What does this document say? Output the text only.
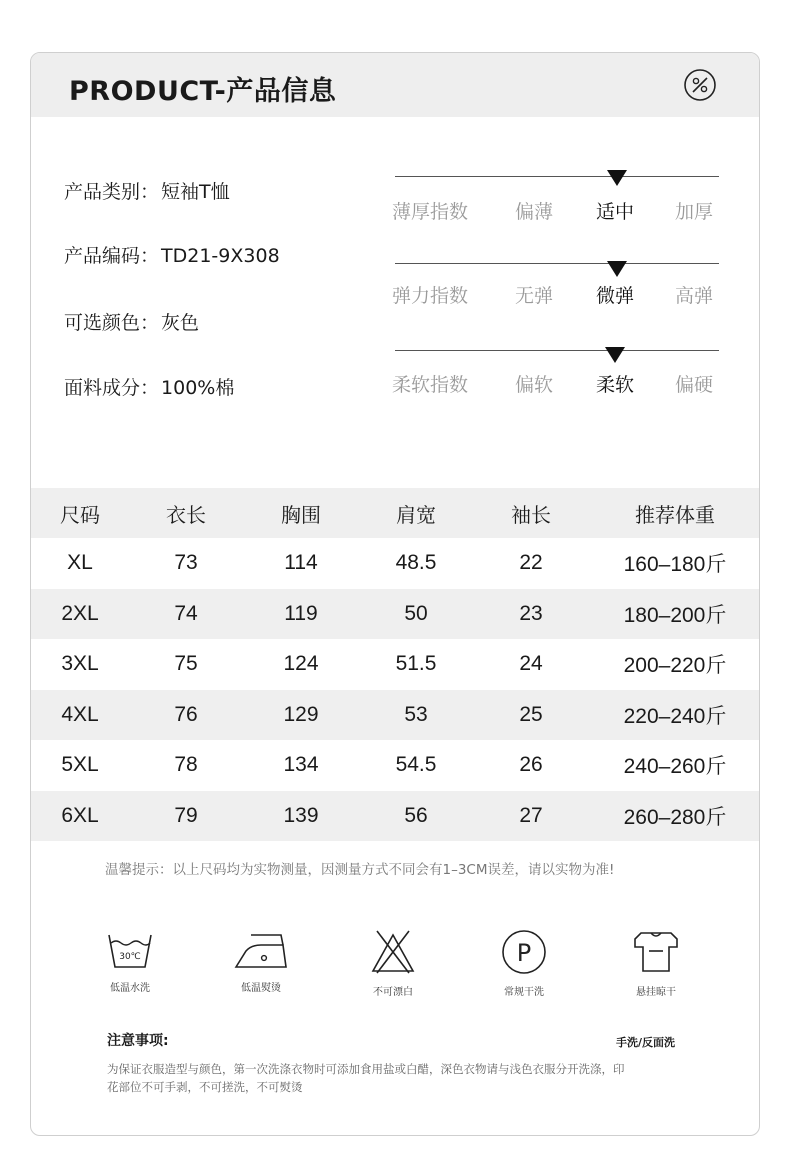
PRODUCT-产品信息
产品类别： 短袖T恤
产品编码： TD21-9X308
可选颜色： 灰色
面料成分： 100%棉
薄厚指数 偏薄 适中 加厚
弹力指数 无弹 微弹 高弹
柔软指数 偏软 柔软 偏硬
尺码	衣长	胸围	肩宽	袖长	推荐体重
XL	73	114	48.5	22	160–180斤
2XL	74	119	50	23	180–200斤
3XL	75	124	51.5	24	200–220斤
4XL	76	129	53	25	220–240斤
5XL	78	134	54.5	26	240–260斤
6XL	79	139	56	27	260–280斤
温馨提示：以上尺码均为实物测量，因测量方式不同会有1–3CM误差，请以实物为准!
30℃
低温水洗	低温熨烫	不可漂白
P
常规干洗	悬挂晾干
注意事项:	手洗/反面洗
为保证衣服造型与颜色，第一次洗涤衣物时可添加食用盐或白醋，深色衣物请与浅色衣服分开洗涤，印花部位不可手剥，不可搓洗，不可熨烫
